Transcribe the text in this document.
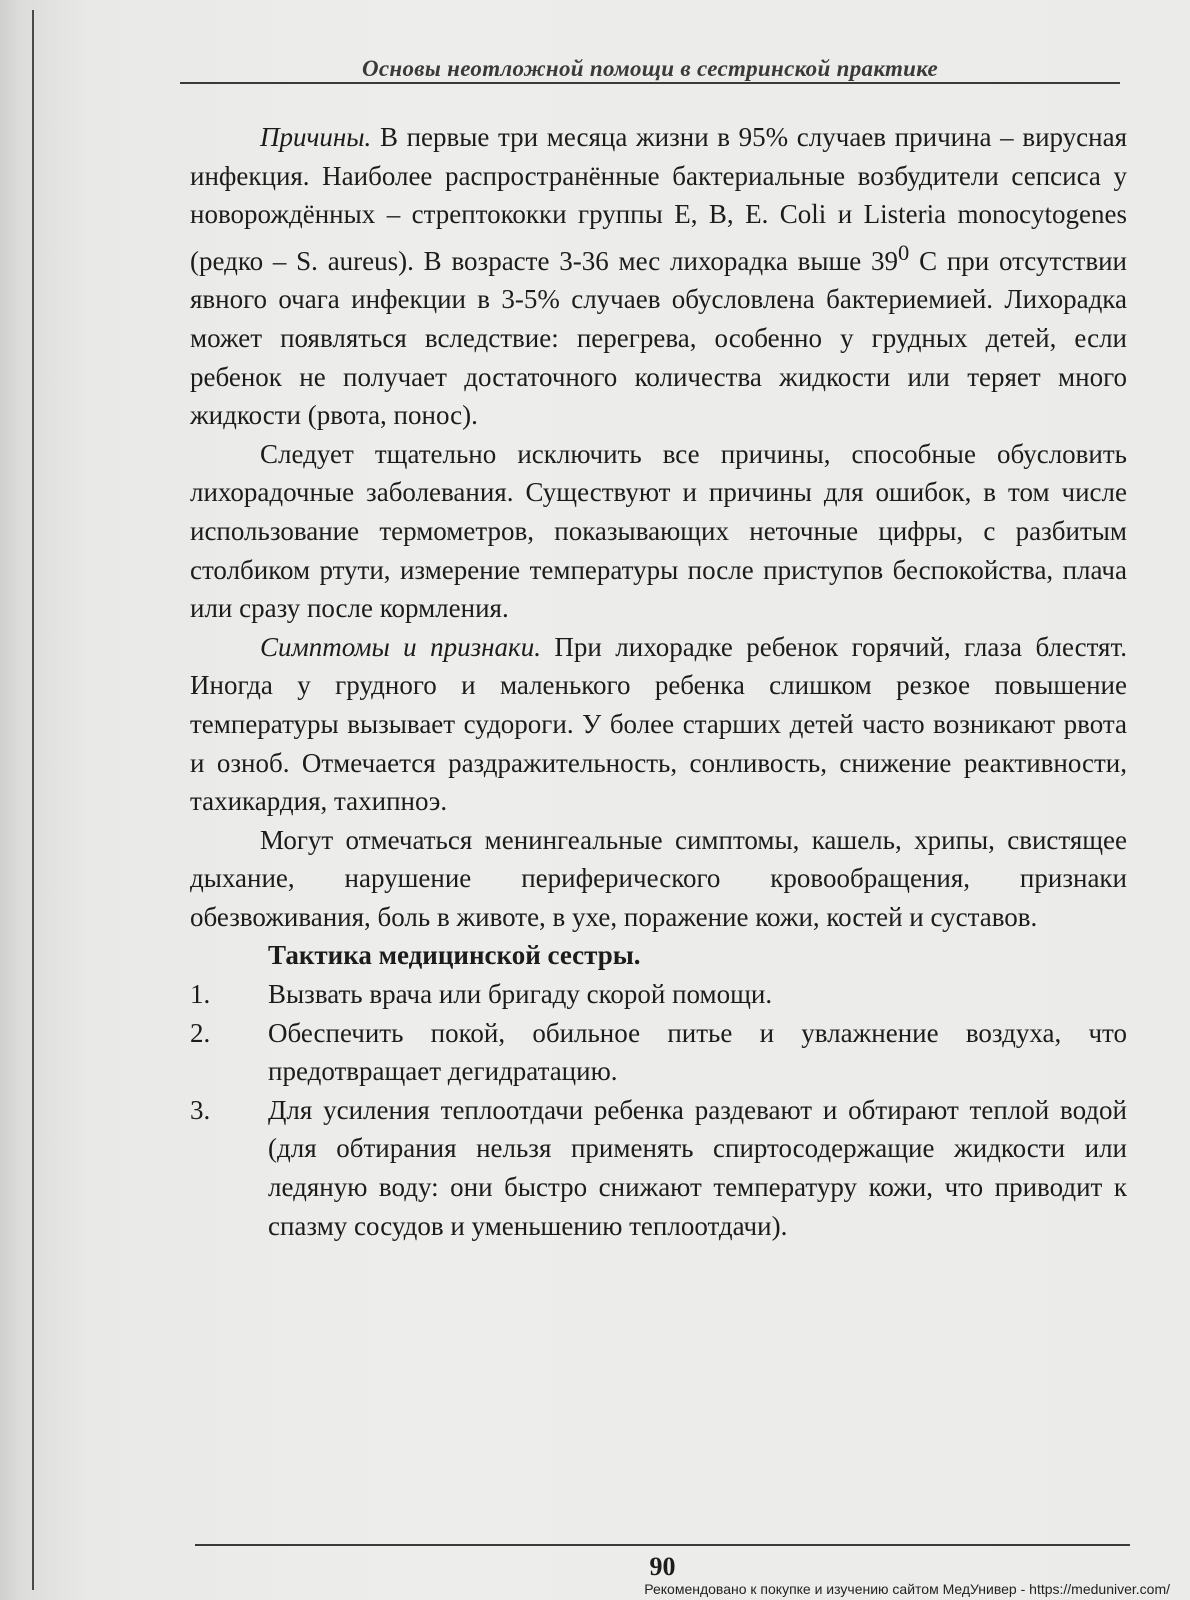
Основы неотложной помощи в сестринской практике

Причины. В первые три месяца жизни в 95% случаев причина – вирусная инфекция. Наиболее распространённые бактериальные возбудители сепсиса у новорождённых – стрептококки группы Е, В, E. Coli и Listeria monocytogenes (редко – S. aureus). В возрасте 3-36 мес лихорадка выше $39^0$ С при отсутствии явного очага инфекции в 3-5% случаев обусловлена бактериемией. Лихорадка может появляться вследствие: перегрева, особенно у грудных детей, если ребенок не получает достаточного количества жидкости или теряет много жидкости (рвота, понос).

Следует тщательно исключить все причины, способные обусловить лихорадочные заболевания. Существуют и причины для ошибок, в том числе использование термометров, показывающих неточные цифры, с разбитым столбиком ртути, измерение температуры после приступов беспокойства, плача или сразу после кормления.

Симптомы и признаки. При лихорадке ребенок горячий, глаза блестят. Иногда у грудного и маленького ребенка слишком резкое повышение температуры вызывает судороги. У более старших детей часто возникают рвота и озноб. Отмечается раздражительность, сонливость, снижение реактивности, тахикардия, тахипноэ.

Могут отмечаться менингеальные симптомы, кашель, хрипы, свистящее дыхание, нарушение периферического кровообращения, признаки обезвоживания, боль в животе, в ухе, поражение кожи, костей и суставов.

Тактика медицинской сестры.

1.	Вызвать врача или бригаду скорой помощи.
2.	Обеспечить покой, обильное питье и увлажнение воздуха, что предотвращает дегидратацию.
3.	Для усиления теплоотдачи ребенка раздевают и обтирают теплой водой (для обтирания нельзя применять спиртосодержащие жидкости или ледяную воду: они быстро снижают температуру кожи, что приводит к спазму сосудов и уменьшению теплоотдачи).
90
Рекомендовано к покупке и изучению сайтом МедУнивер - https://meduniver.com/
